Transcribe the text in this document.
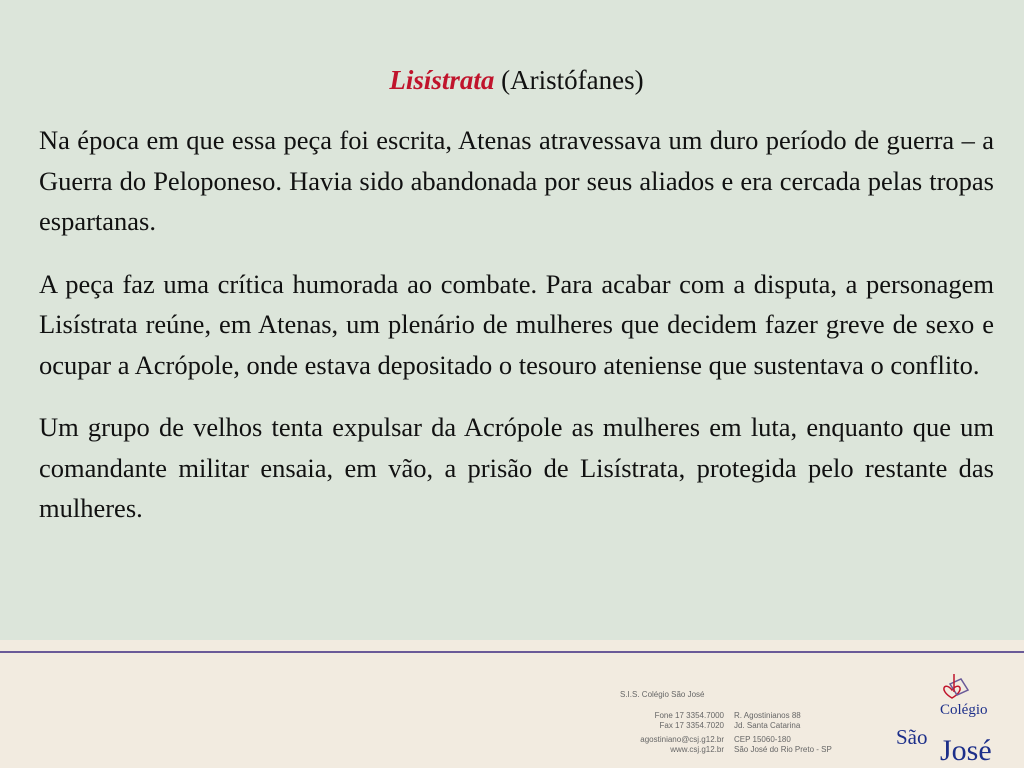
Lisístrata (Aristófanes)

Na época em que essa peça foi escrita, Atenas atravessava um duro período de guerra – a Guerra do Peloponeso. Havia sido abandonada por seus aliados e era cercada pelas tropas espartanas.

A peça faz uma crítica humorada ao combate. Para acabar com a disputa, a personagem Lisístrata reúne, em Atenas, um plenário de mulheres que decidem fazer greve de sexo e ocupar a Acrópole, onde estava depositado o tesouro ateniense que sustentava o conflito.

Um grupo de velhos tenta expulsar da Acrópole as mulheres em luta, enquanto que um comandante militar ensaia, em vão, a prisão de Lisístrata, protegida pelo restante das mulheres.

S.I.S. Colégio São José
Fone 17 3354.7000
Fax 17 3354.7020
agostiniano@csj.g12.br
www.csj.g12.br
R. Agostinianos 88
Jd. Santa Catarina
CEP 15060-180
São José do Rio Preto - SP
Colégio
São José
